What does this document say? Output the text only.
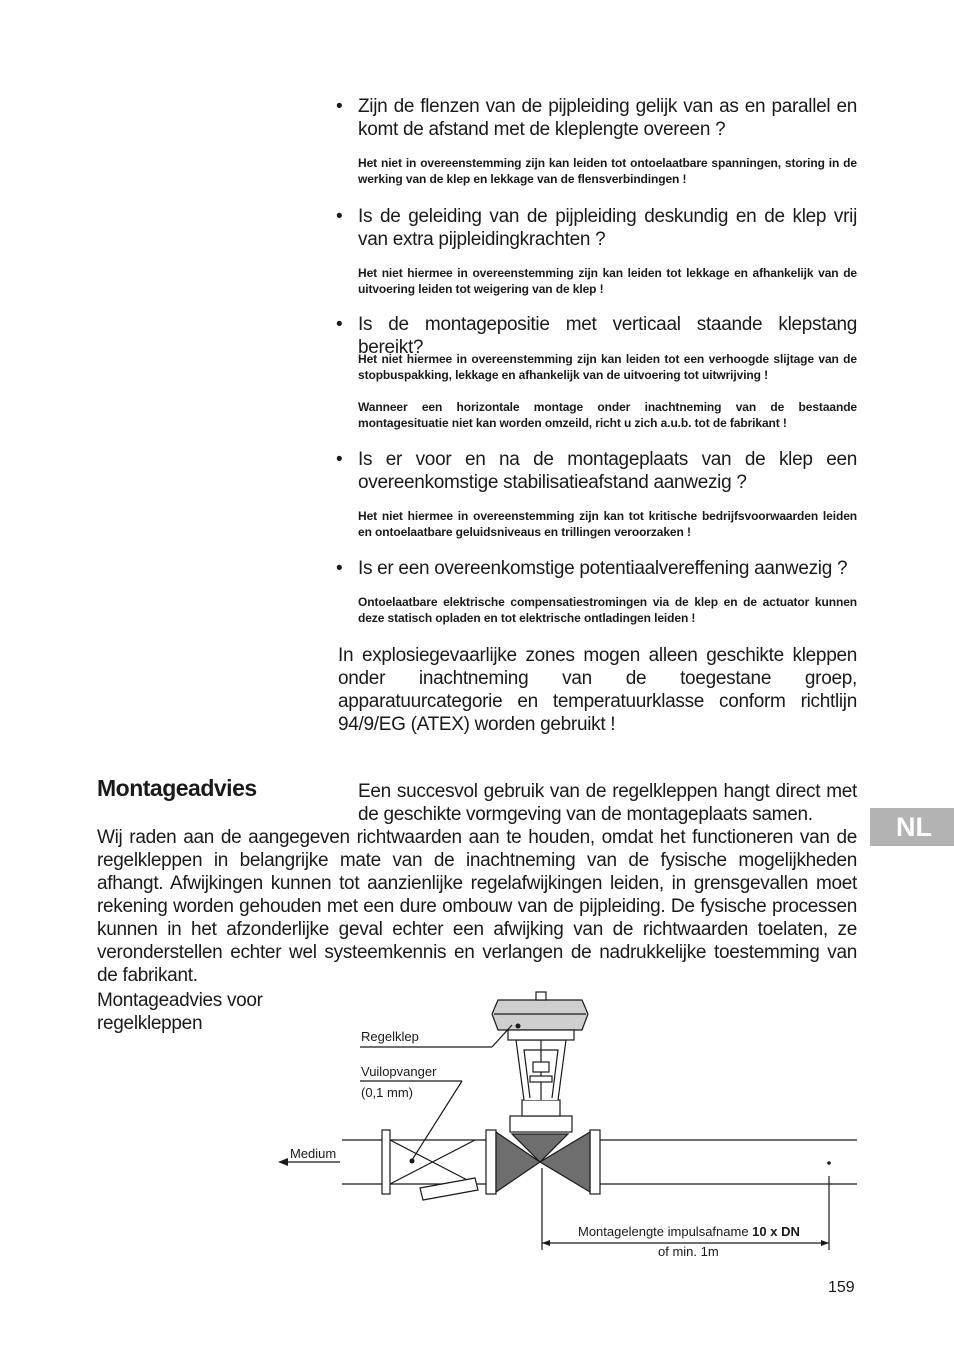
• Zijn de flenzen van de pijpleiding gelijk van as en parallel en komt de afstand met de kleplengte overeen ?
Het niet in overeenstemming zijn kan leiden tot ontoelaatbare spanningen, storing in de werking van de klep en lekkage van de flensverbindingen !
• Is de geleiding van de pijpleiding deskundig en de klep vrij van extra pijpleidingkrachten ?
Het niet hiermee in overeenstemming zijn kan leiden tot lekkage en afhankelijk van de uitvoering leiden tot weigering van de klep !
• Is de montagepositie met verticaal staande klepstang bereikt?
Het niet hiermee in overeenstemming zijn kan leiden tot een verhoogde slijtage van de stopbuspakking, lekkage en afhankelijk van de uitvoering tot uitwrijving !
Wanneer een horizontale montage onder inachtneming van de bestaande montagesituatie niet kan worden omzeild, richt u zich a.u.b. tot de fabrikant !
• Is er voor en na de montageplaats van de klep een overeenkomstige stabilisatieafstand aanwezig ?
Het niet hiermee in overeenstemming zijn kan tot kritische bedrijfsvoorwaarden leiden en ontoelaatbare geluidsniveaus en trillingen veroorzaken !
• Is er een overeenkomstige potentiaalvereffening aanwezig ?
Ontoelaatbare elektrische compensatiestromingen via de klep en de actuator kunnen deze statisch opladen en tot elektrische ontladingen leiden !
In explosiegevaarlijke zones mogen alleen geschikte kleppen onder inachtneming van de toegestane groep, apparatuurcategorie en temperatuurklasse conform richtlijn 94/9/EG (ATEX) worden gebruikt !
Montageadvies	Een succesvol gebruik van de regelkleppen hangt direct met de geschikte vormgeving van de montageplaats samen.
Wij raden aan de aangegeven richtwaarden aan te houden, omdat het functioneren van de regelkleppen in belangrijke mate van de inachtneming van de fysische mogelijkheden afhangt. Afwijkingen kunnen tot aanzienlijke regelafwijkingen leiden, in grensgevallen moet rekening worden gehouden met een dure ombouw van de pijpleiding. De fysische processen kunnen in het afzonderlijke geval echter een afwijking van de richtwaarden toelaten, ze veronderstellen echter wel systeemkennis en verlangen de nadrukkelijke toestemming van de fabrikant.
NL
Montageadvies voor regelkleppen
Regelklep
Vuilopvanger
(0,1 mm)
Medium
Montagelengte impulsafname 10 x DN
of min. 1m
159
